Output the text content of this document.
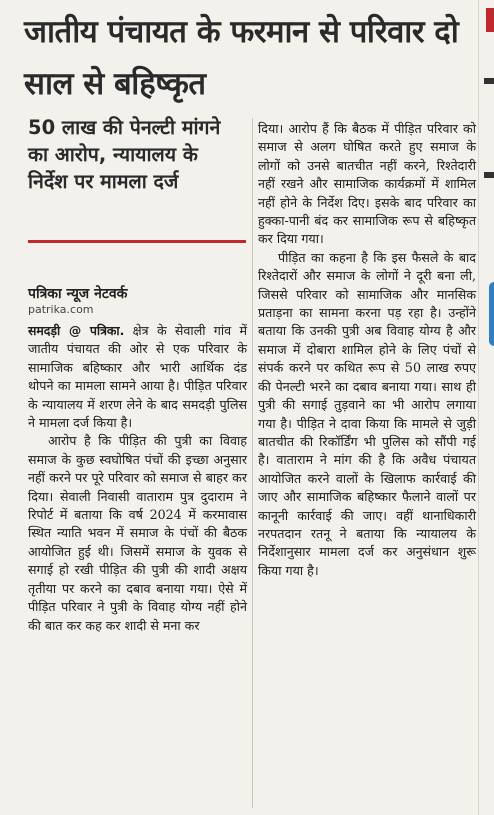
जातीय पंचायत के फरमान से परिवार दो साल से बहिष्कृत
50 लाख की पेनल्टी मांगने का आरोप, न्यायालय के निर्देश पर मामला दर्ज
पत्रिका न्यूज नेटवर्क
patrika.com

समदड़ी @ पत्रिका. क्षेत्र के सेवाली गांव में जातीय पंचायत की ओर से एक परिवार के सामाजिक बहिष्कार और भारी आर्थिक दंड थोपने का मामला सामने आया है। पीड़ित परिवार के न्यायालय में शरण लेने के बाद समदड़ी पुलिस ने मामला दर्ज किया है।

आरोप है कि पीड़ित की पुत्री का विवाह समाज के कुछ स्वघोषित पंचों की इच्छा अनुसार नहीं करने पर पूरे परिवार को समाज से बाहर कर दिया। सेवाली निवासी वाताराम पुत्र दुदाराम ने रिपोर्ट में बताया कि वर्ष 2024 में करमावास स्थित न्याति भवन में समाज के पंचों की बैठक आयोजित हुई थी। जिसमें समाज के युवक से सगाई हो रखी पीड़ित की पुत्री की शादी अक्षय तृतीया पर करने का दबाव बनाया गया। ऐसे में पीड़ित परिवार ने पुत्री के विवाह योग्य नहीं होने की बात कर कह कर शादी से मना कर

दिया। आरोप हैं कि बैठक में पीड़ित परिवार को समाज से अलग घोषित करते हुए समाज के लोगों को उनसे बातचीत नहीं करने, रिश्तेदारी नहीं रखने और सामाजिक कार्यक्रमों में शामिल नहीं होने के निर्देश दिए। इसके बाद परिवार का हुक्का-पानी बंद कर सामाजिक रूप से बहिष्कृत कर दिया गया।

पीड़ित का कहना है कि इस फैसले के बाद रिश्तेदारों और समाज के लोगों ने दूरी बना ली, जिससे परिवार को सामाजिक और मानसिक प्रताड़ना का सामना करना पड़ रहा है। उन्होंने बताया कि उनकी पुत्री अब विवाह योग्य है और समाज में दोबारा शामिल होने के लिए पंचों से संपर्क करने पर कथित रूप से 50 लाख रुपए की पेनल्टी भरने का दबाव बनाया गया। साथ ही पुत्री की सगाई तुड़वाने का भी आरोप लगाया गया है। पीड़ित ने दावा किया कि मामले से जुड़ी बातचीत की रिकॉर्डिंग भी पुलिस को सौंपी गई है। वाताराम ने मांग की है कि अवैध पंचायत आयोजित करने वालों के खिलाफ कार्रवाई की जाए और सामाजिक बहिष्कार फैलाने वालों पर कानूनी कार्रवाई की जाए। वहीं थानाधिकारी नरपतदान रतनू ने बताया कि न्यायालय के निर्देशानुसार मामला दर्ज कर अनुसंधान शुरू किया गया है।
